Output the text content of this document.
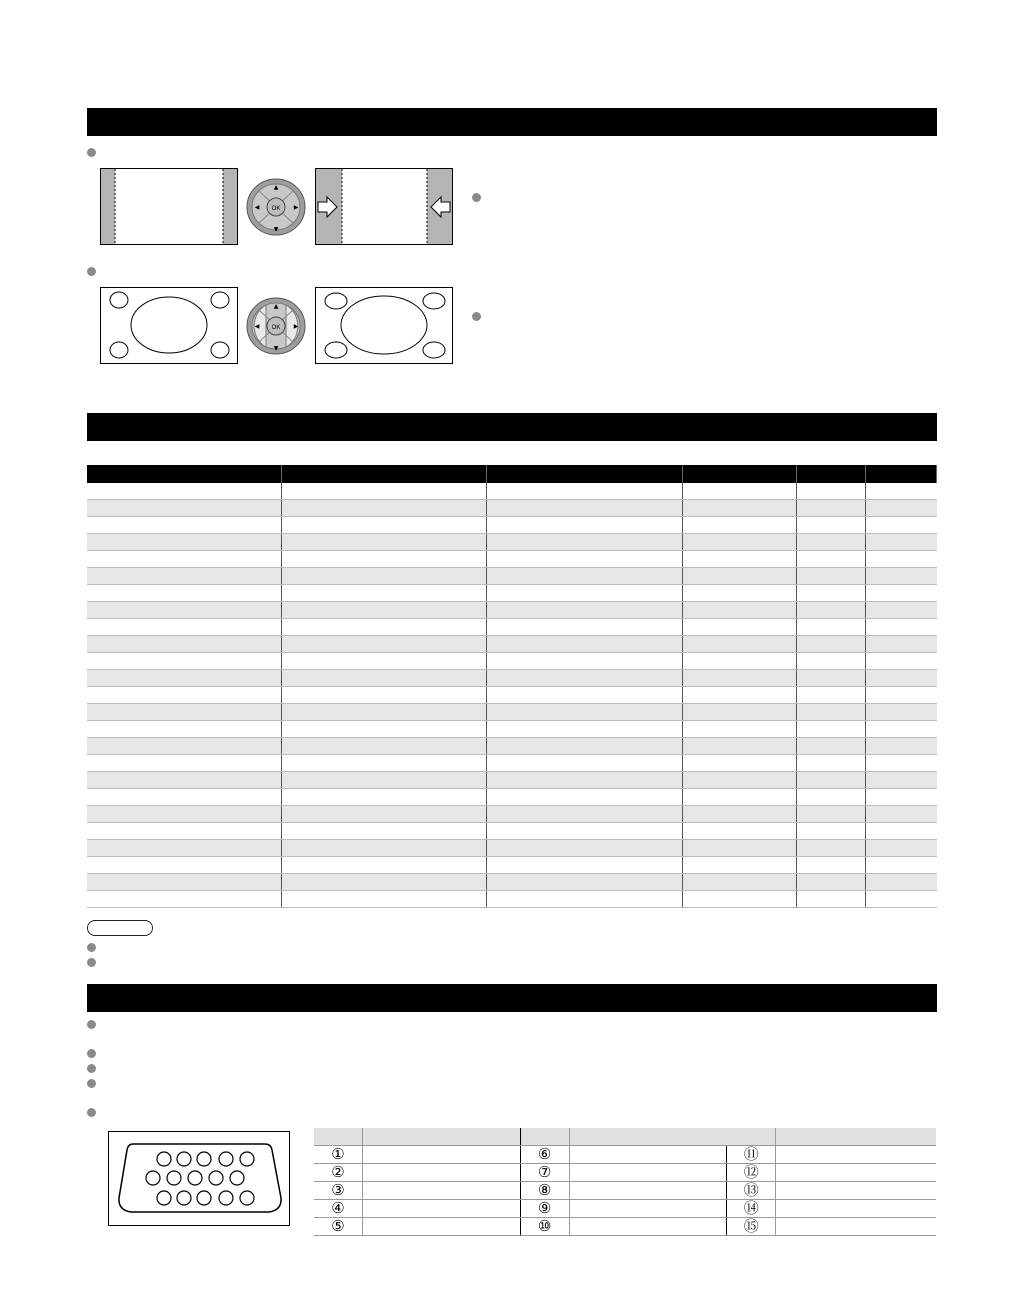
OK
▲
▼
◀	▶
OK
▲
▼
◀	▶
①	⑥	⑪
②	⑦	⑫
③	⑧	⑬
④	⑨	⑭
⑤	⑩	⑮
